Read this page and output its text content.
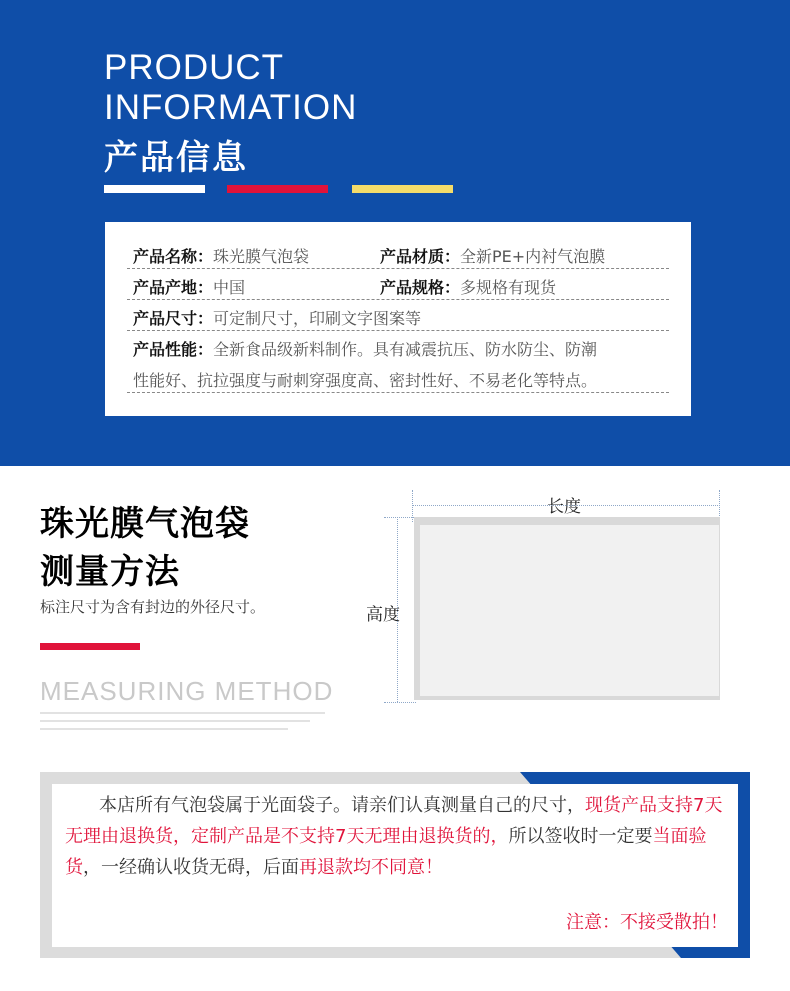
PRODUCT
INFORMATION
产品信息
产品名称：珠光膜气泡袋	产品材质：全新PE+内衬气泡膜
产品产地：中国	产品规格：多规格有现货
产品尺寸：可定制尺寸，印刷文字图案等
产品性能：全新食品级新料制作。具有减震抗压、防水防尘、防潮
性能好、抗拉强度与耐刺穿强度高、密封性好、不易老化等特点。
珠光膜气泡袋
测量方法
标注尺寸为含有封边的外径尺寸。
MEASURING METHOD
长度
高度
本店所有气泡袋属于光面袋子。请亲们认真测量自己的尺寸，现货产品支持7天无理由退换货，定制产品是不支持7天无理由退换货的，所以签收时一定要当面验货，一经确认收货无碍，后面再退款均不同意！
注意：不接受散拍！
